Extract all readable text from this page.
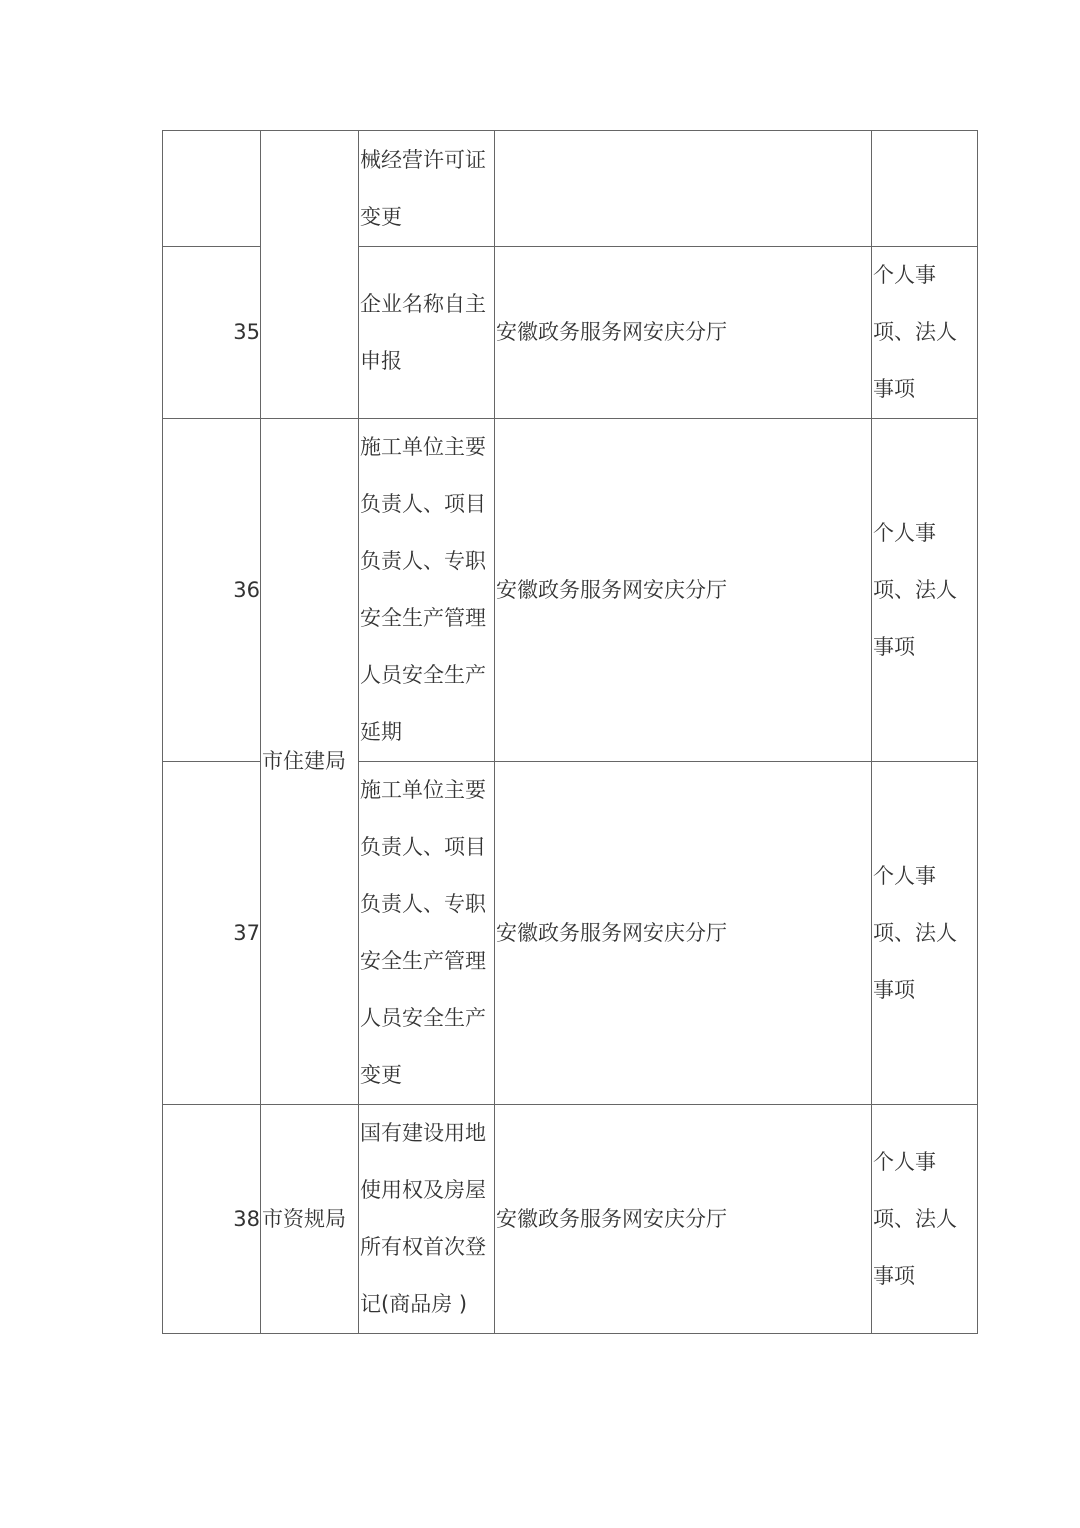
		械经营许可证变更		

35		企业名称自主申报	安徽政务服务网安庆分厅	个人事项、法人事项

36	市住建局	施工单位主要负责人、项目负责人、专职安全生产管理人员安全生产延期	安徽政务服务网安庆分厅	个人事项、法人事项

37		施工单位主要负责人、项目负责人、专职安全生产管理人员安全生产变更	安徽政务服务网安庆分厅	个人事项、法人事项

38	市资规局	国有建设用地使用权及房屋所有权首次登记(商品房 )	安徽政务服务网安庆分厅	个人事项、法人事项
